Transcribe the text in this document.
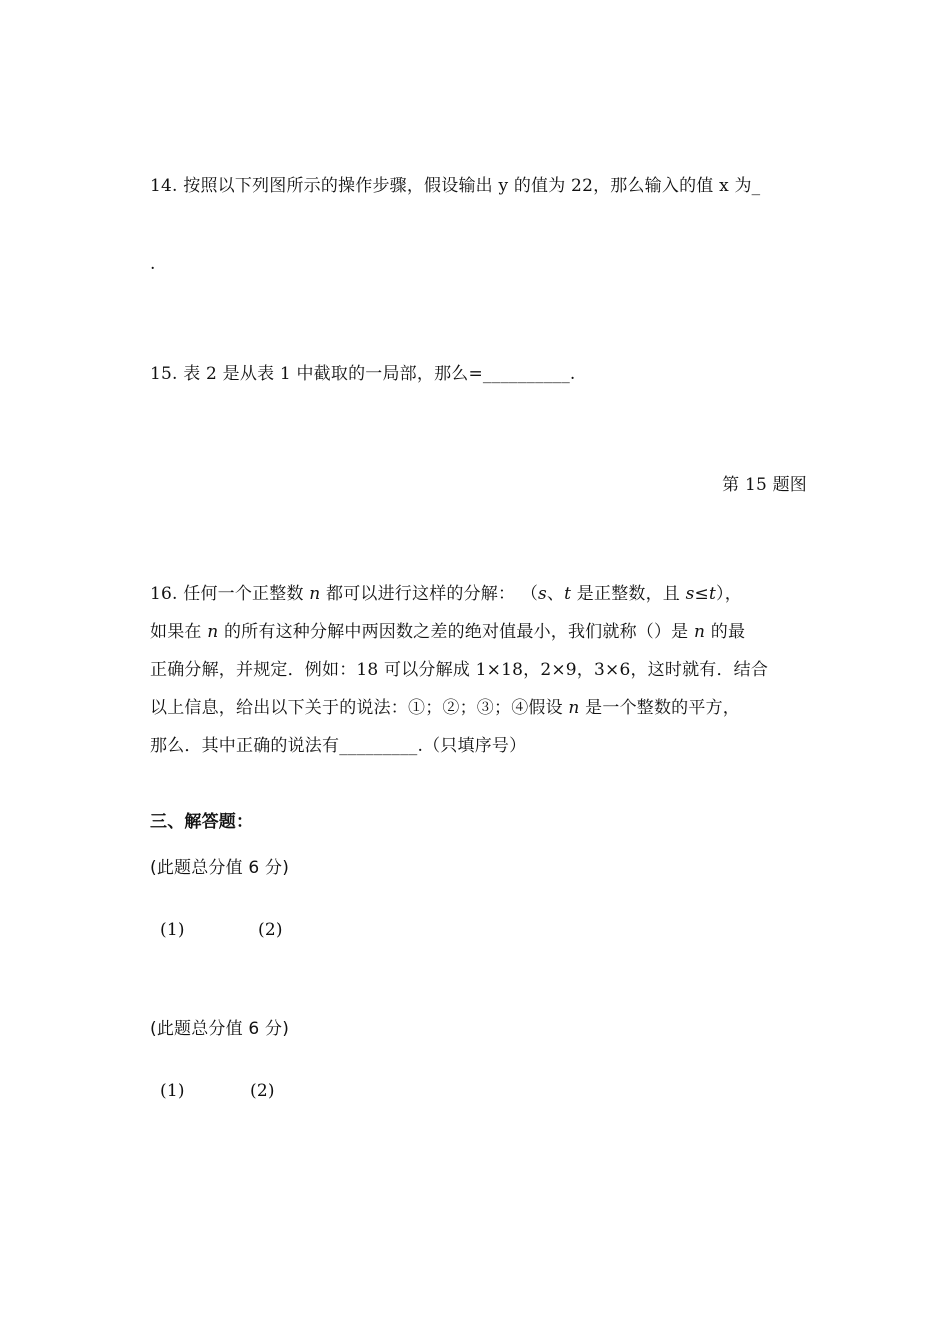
14. 按照以下列图所示的操作步骤，假设输出 y 的值为 22，那么输入的值 x 为_
.
15. 表 2 是从表 1 中截取的一局部，那么=__________.
第 15 题图
16. 任何一个正整数 n 都可以进行这样的分解： （s、t 是正整数，且 s≤t），
如果在 n 的所有这种分解中两因数之差的绝对值最小，我们就称（）是 n 的最
正确分解，并规定．例如：18 可以分解成 1×18，2×9，3×6，这时就有．结合
以上信息，给出以下关于的说法：①；②；③；④假设 n 是一个整数的平方，
那么．其中正确的说法有_________.（只填序号）
三、解答题：
(此题总分值 6 分)
(1)	(2)
(此题总分值 6 分)
(1)	(2)
